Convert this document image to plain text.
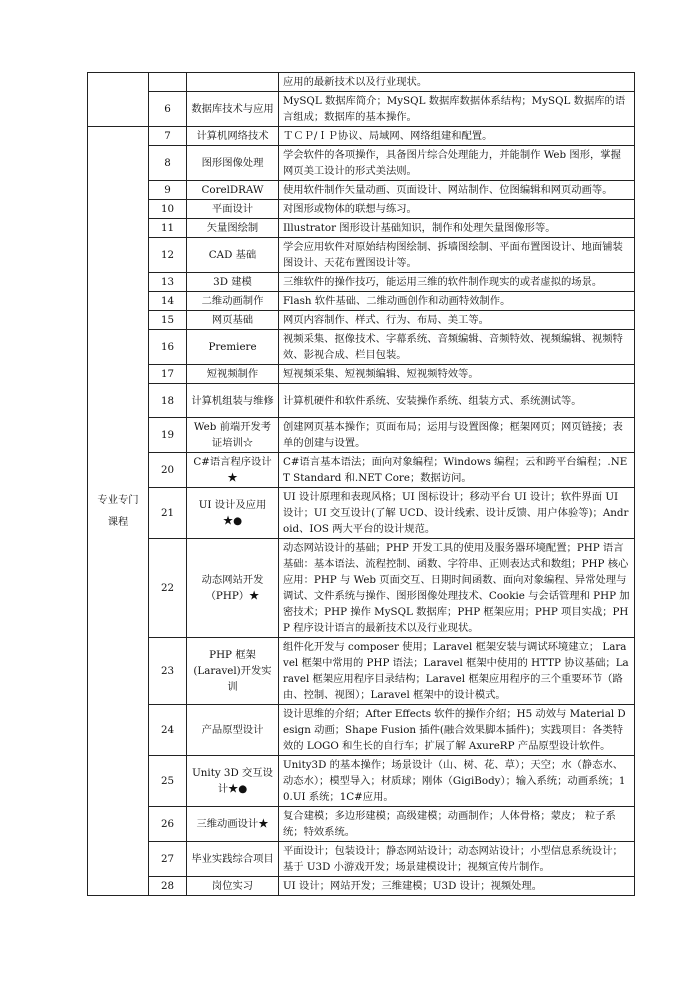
			应用的最新技术以及行业现状。
	6	数据库技术与应用	MySQL 数据库简介；MySQL 数据库数据体系结构；MySQL 数据库的语言组成；数据库的基本操作。
专业专门课程	7	计算机网络技术	ＴＣＰ/ＩＰ协议、局域网、网络组建和配置。
	8	图形图像处理	学会软件的各项操作，具备图片综合处理能力，并能制作 Web 图形，掌握网页美工设计的形式美法则。
	9	CorelDRAW	使用软件制作矢量动画、页面设计、网站制作、位图编辑和网页动画等。
	10	平面设计	对图形或物体的联想与练习。
	11	矢量图绘制	Illustrator 图形设计基础知识，制作和处理矢量图像形等。
	12	CAD 基础	学会应用软件对原始结构图绘制、拆墙图绘制、平面布置图设计、地面铺装图设计、天花布置图设计等。
	13	3D 建模	三维软件的操作技巧，能运用三维的软件制作现实的或者虚拟的场景。
	14	二维动画制作	Flash 软件基础、二维动画创作和动画特效制作。
	15	网页基础	网页内容制作、样式、行为、布局、美工等。
	16	Premiere	视频采集、抠像技术、字幕系统、音频编辑、音频特效、视频编辑、视频特效、影视合成、栏目包装。
	17	短视频制作	短视频采集、短视频编辑、短视频特效等。
	18	计算机组装与维修	计算机硬件和软件系统、安装操作系统、组装方式、系统测试等。
	19	Web 前端开发考证培训☆	创建网页基本操作；页面布局；运用与设置图像；框架网页；网页链接；表单的创建与设置。
	20	C#语言程序设计★	C#语言基本语法；面向对象编程；Windows 编程；云和跨平台编程；.NET Standard 和.NET Core；数据访问。
	21	UI 设计及应用★●	UI 设计原理和表现风格；UI 图标设计；移动平台 UI 设计；软件界面 UI 设计；UI 交互设计(了解 UCD、设计线索、设计反馈、用户体验等)；Android、IOS 两大平台的设计规范。
	22	动态网站开发（PHP）★	动态网站设计的基础；PHP 开发工具的使用及服务器环境配置；PHP 语言基础：基本语法、流程控制、函数、字符串、正则表达式和数组；PHP 核心应用：PHP 与 Web 页面交互、日期时间函数、面向对象编程、异常处理与调试、文件系统与操作、图形图像处理技术、Cookie 与会话管理和 PHP 加密技术；PHP 操作 MySQL 数据库；PHP 框架应用；PHP 项目实战；PHP 程序设计语言的最新技术以及行业现状。
	23	PHP 框架(Laravel)开发实训	组件化开发与 composer 使用；Laravel 框架安装与调试环境建立； Laravel 框架中常用的 PHP 语法；Laravel 框架中使用的 HTTP 协议基础；Laravel 框架应用程序目录结构；Laravel 框架应用程序的三个重要环节（路由、控制、视图）；Laravel 框架中的设计模式。
	24	产品原型设计	设计思维的介绍；After Effects 软件的操作介绍；H5 动效与 Material Design 动画；Shape Fusion 插件(融合效果脚本插件)；实践项目：各类特效的 LOGO 和生长的自行车；扩展了解 AxureRP 产品原型设计软件。
	25	Unity 3D 交互设计★●	Unity3D 的基本操作；场景设计（山、树、花、草）；天空；水（静态水、动态水）；模型导入；材质球；刚体（GigiBody）；输入系统；动画系统；10.UI 系统；1C#应用。
	26	三维动画设计★	复合建模；多边形建模；高级建模；动画制作；人体骨格；蒙皮； 粒子系统；特效系统。
	27	毕业实践综合项目	平面设计；包装设计；静态网站设计；动态网站设计；小型信息系统设计；基于 U3D 小游戏开发；场景建模设计；视频宣传片制作。
	28	岗位实习	UI 设计；网站开发；三维建模；U3D 设计；视频处理。
